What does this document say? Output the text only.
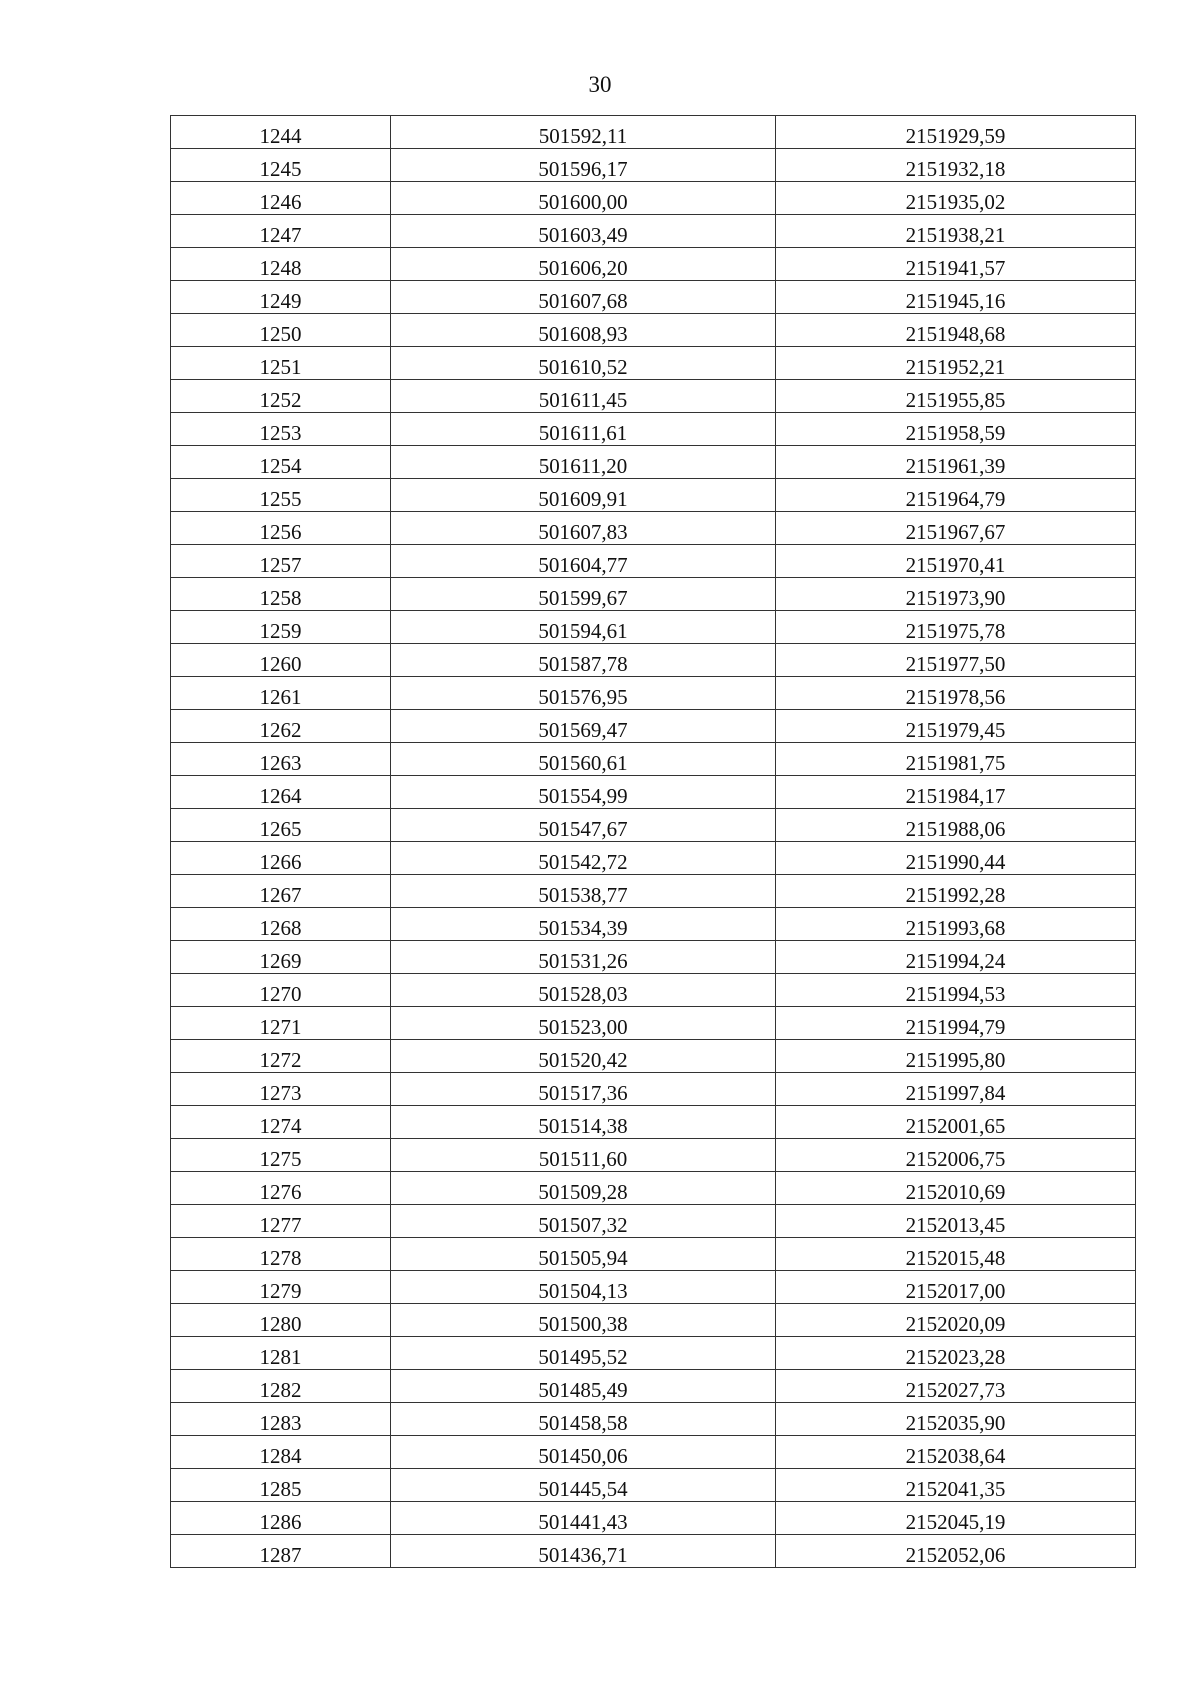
30
1244	501592,11	2151929,59
1245	501596,17	2151932,18
1246	501600,00	2151935,02
1247	501603,49	2151938,21
1248	501606,20	2151941,57
1249	501607,68	2151945,16
1250	501608,93	2151948,68
1251	501610,52	2151952,21
1252	501611,45	2151955,85
1253	501611,61	2151958,59
1254	501611,20	2151961,39
1255	501609,91	2151964,79
1256	501607,83	2151967,67
1257	501604,77	2151970,41
1258	501599,67	2151973,90
1259	501594,61	2151975,78
1260	501587,78	2151977,50
1261	501576,95	2151978,56
1262	501569,47	2151979,45
1263	501560,61	2151981,75
1264	501554,99	2151984,17
1265	501547,67	2151988,06
1266	501542,72	2151990,44
1267	501538,77	2151992,28
1268	501534,39	2151993,68
1269	501531,26	2151994,24
1270	501528,03	2151994,53
1271	501523,00	2151994,79
1272	501520,42	2151995,80
1273	501517,36	2151997,84
1274	501514,38	2152001,65
1275	501511,60	2152006,75
1276	501509,28	2152010,69
1277	501507,32	2152013,45
1278	501505,94	2152015,48
1279	501504,13	2152017,00
1280	501500,38	2152020,09
1281	501495,52	2152023,28
1282	501485,49	2152027,73
1283	501458,58	2152035,90
1284	501450,06	2152038,64
1285	501445,54	2152041,35
1286	501441,43	2152045,19
1287	501436,71	2152052,06
